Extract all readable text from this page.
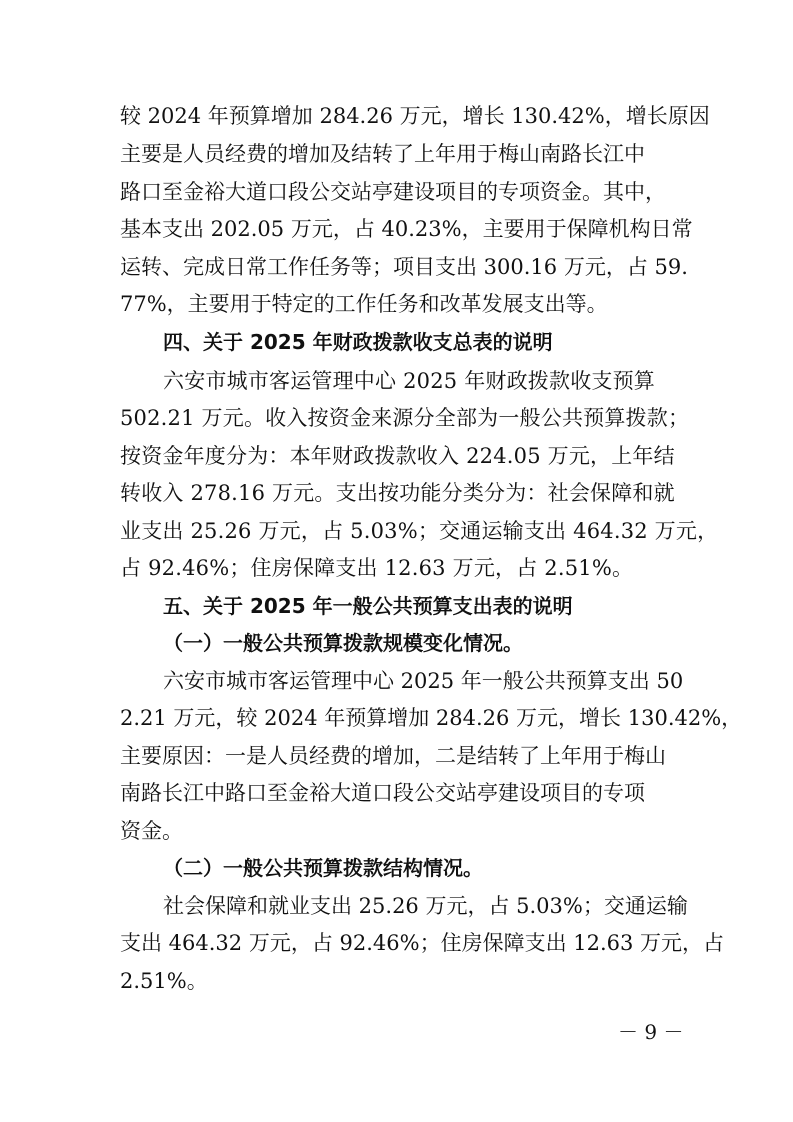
较 2024 年预算增加 284.26 万元，增长 130.42%，增长原因
主要是人员经费的增加及结转了上年用于梅山南路长江中
路口至金裕大道口段公交站亭建设项目的专项资金。其中，
基本支出 202.05 万元，占 40.23%，主要用于保障机构日常
运转、完成日常工作任务等；项目支出 300.16 万元，占 59.
77%，主要用于特定的工作任务和改革发展支出等。
四、关于 2025 年财政拨款收支总表的说明
六安市城市客运管理中心 2025 年财政拨款收支预算
502.21 万元。收入按资金来源分全部为一般公共预算拨款；
按资金年度分为：本年财政拨款收入 224.05 万元，上年结
转收入 278.16 万元。支出按功能分类分为：社会保障和就
业支出 25.26 万元，占 5.03%；交通运输支出 464.32 万元，
占 92.46%；住房保障支出 12.63 万元，占 2.51%。
五、关于 2025 年一般公共预算支出表的说明
（一）一般公共预算拨款规模变化情况。
六安市城市客运管理中心 2025 年一般公共预算支出 50
2.21 万元，较 2024 年预算增加 284.26 万元，增长 130.42%，
主要原因：一是人员经费的增加，二是结转了上年用于梅山
南路长江中路口至金裕大道口段公交站亭建设项目的专项
资金。
（二）一般公共预算拨款结构情况。
社会保障和就业支出 25.26 万元，占 5.03%；交通运输
支出 464.32 万元，占 92.46%；住房保障支出 12.63 万元，占
2.51%。
－ 9 －
